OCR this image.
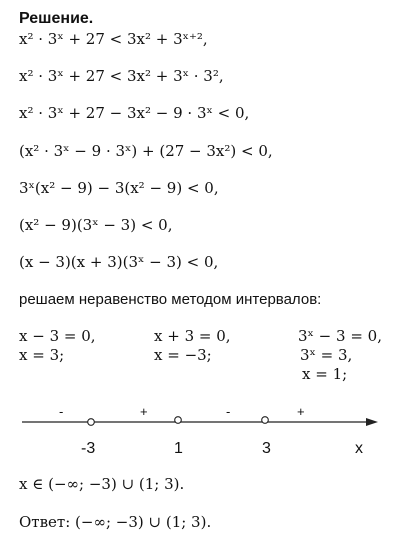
Решение.
x² · 3ˣ + 27 < 3x² + 3ˣ⁺²,
x² · 3ˣ + 27 < 3x² + 3ˣ · 3²,
x² · 3ˣ + 27 − 3x² − 9 · 3ˣ < 0,
(x² · 3ˣ − 9 · 3ˣ) + (27 − 3x²) < 0,
3ˣ(x² − 9) − 3(x² − 9) < 0,
(x² − 9)(3ˣ − 3) < 0,
(x − 3)(x + 3)(3ˣ − 3) < 0,
решаем неравенство методом интервалов:
x − 3 = 0,
x = 3;
x + 3 = 0,
x = −3;
3ˣ − 3 = 0,
3ˣ = 3,
x = 1;
-	+	-	+
-3	1	3	x
x ∈ (−∞; −3) ∪ (1; 3).
Ответ: (−∞; −3) ∪ (1; 3).
